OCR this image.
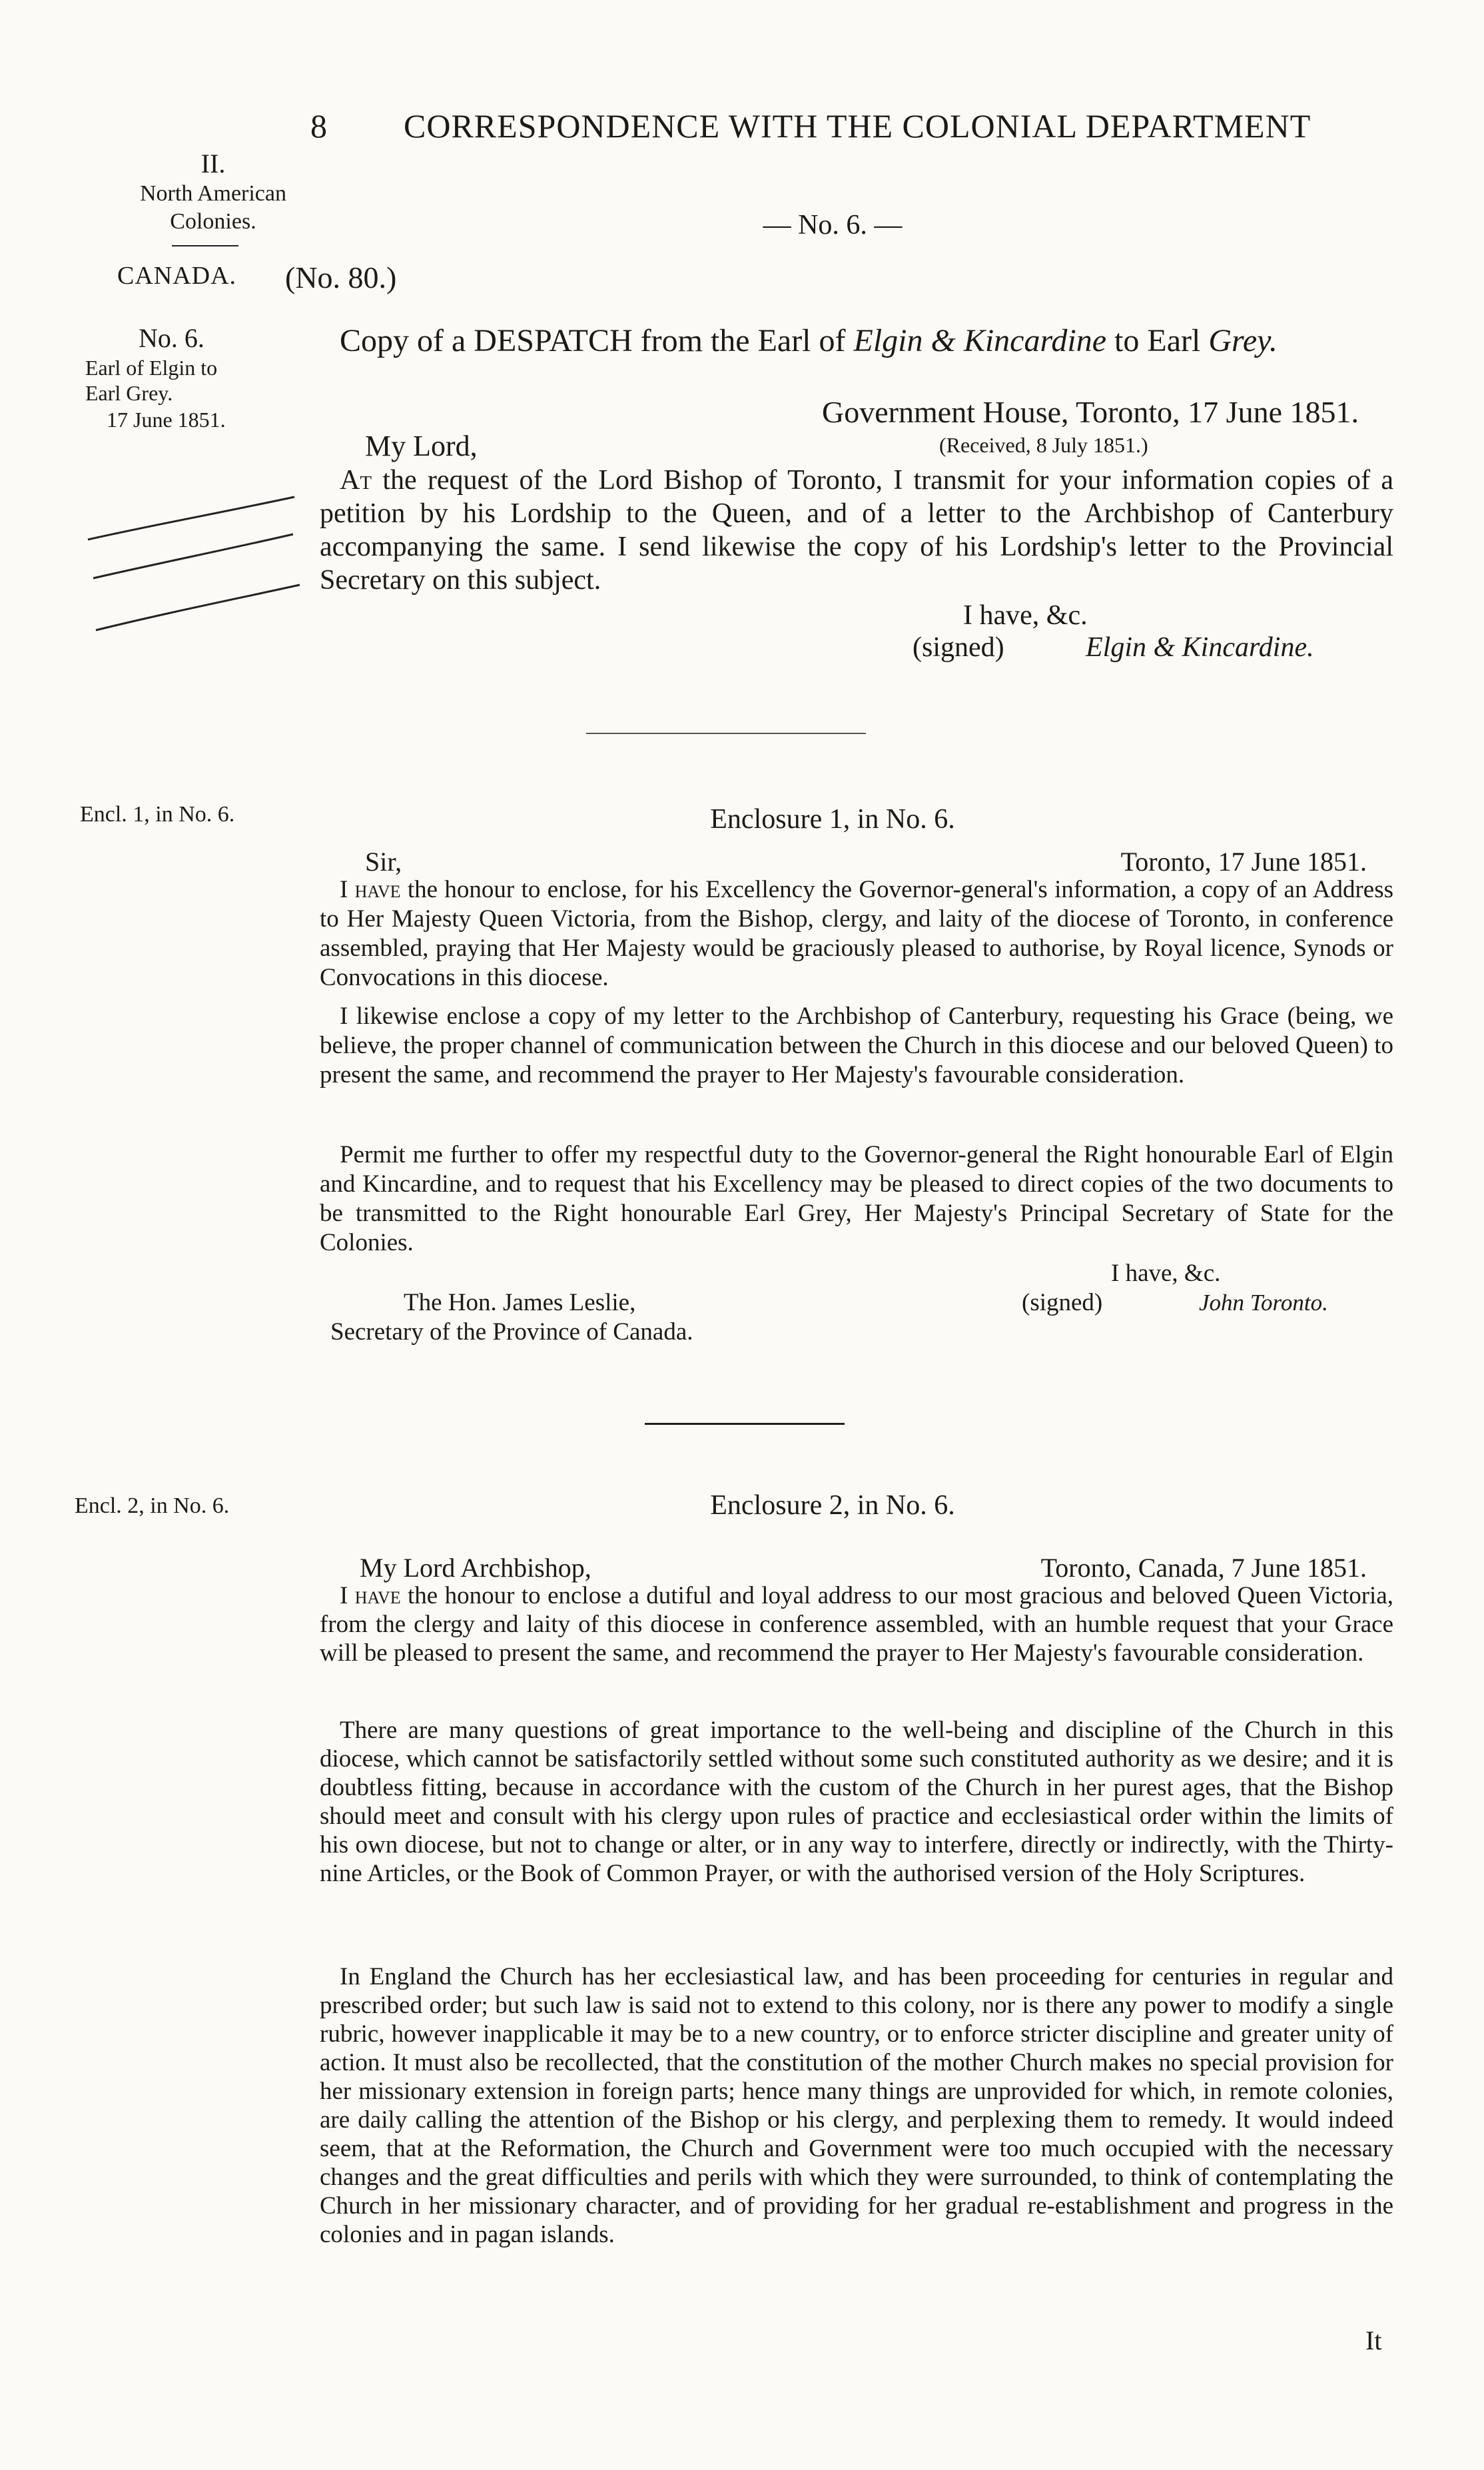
8 CORRESPONDENCE WITH THE COLONIAL DEPARTMENT
II.
North American
Colonies.
CANADA.
No. 6.
Earl of Elgin to
Earl Grey.
17 June 1851.
— No. 6. —
(No. 80.)
Copy of a DESPATCH from the Earl of Elgin & Kincardine to Earl Grey.
Government House, Toronto, 17 June 1851.
My Lord,	(Received, 8 July 1851.)
At the request of the Lord Bishop of Toronto, I transmit for your information copies of a petition by his Lordship to the Queen, and of a letter to the Archbishop of Canterbury accompanying the same. I send likewise the copy of his Lordship's letter to the Provincial Secretary on this subject.
I have, &c.
(signed)	Elgin & Kincardine.
Encl. 1, in No. 6.	Enclosure 1, in No. 6.
Sir,	Toronto, 17 June 1851.
I have the honour to enclose, for his Excellency the Governor-general's information, a copy of an Address to Her Majesty Queen Victoria, from the Bishop, clergy, and laity of the diocese of Toronto, in conference assembled, praying that Her Majesty would be graciously pleased to authorise, by Royal licence, Synods or Convocations in this diocese.
I likewise enclose a copy of my letter to the Archbishop of Canterbury, requesting his Grace (being, we believe, the proper channel of communication between the Church in this diocese and our beloved Queen) to present the same, and recommend the prayer to Her Majesty's favourable consideration.
Permit me further to offer my respectful duty to the Governor-general the Right honourable Earl of Elgin and Kincardine, and to request that his Excellency may be pleased to direct copies of the two documents to be transmitted to the Right honourable Earl Grey, Her Majesty's Principal Secretary of State for the Colonies.
I have, &c.
The Hon. James Leslie,	(signed)	John Toronto.
Secretary of the Province of Canada.
Encl. 2, in No. 6.	Enclosure 2, in No. 6.
My Lord Archbishop,	Toronto, Canada, 7 June 1851.
I have the honour to enclose a dutiful and loyal address to our most gracious and beloved Queen Victoria, from the clergy and laity of this diocese in conference assembled, with an humble request that your Grace will be pleased to present the same, and recommend the prayer to Her Majesty's favourable consideration.
There are many questions of great importance to the well-being and discipline of the Church in this diocese, which cannot be satisfactorily settled without some such constituted authority as we desire; and it is doubtless fitting, because in accordance with the custom of the Church in her purest ages, that the Bishop should meet and consult with his clergy upon rules of practice and ecclesiastical order within the limits of his own diocese, but not to change or alter, or in any way to interfere, directly or indirectly, with the Thirty-nine Articles, or the Book of Common Prayer, or with the authorised version of the Holy Scriptures.
In England the Church has her ecclesiastical law, and has been proceeding for centuries in regular and prescribed order; but such law is said not to extend to this colony, nor is there any power to modify a single rubric, however inapplicable it may be to a new country, or to enforce stricter discipline and greater unity of action. It must also be recollected, that the constitution of the mother Church makes no special provision for her missionary extension in foreign parts; hence many things are unprovided for which, in remote colonies, are daily calling the attention of the Bishop or his clergy, and perplexing them to remedy. It would indeed seem, that at the Reformation, the Church and Government were too much occupied with the necessary changes and the great difficulties and perils with which they were surrounded, to think of contemplating the Church in her missionary character, and of providing for her gradual re-establishment and progress in the colonies and in pagan islands.
It
